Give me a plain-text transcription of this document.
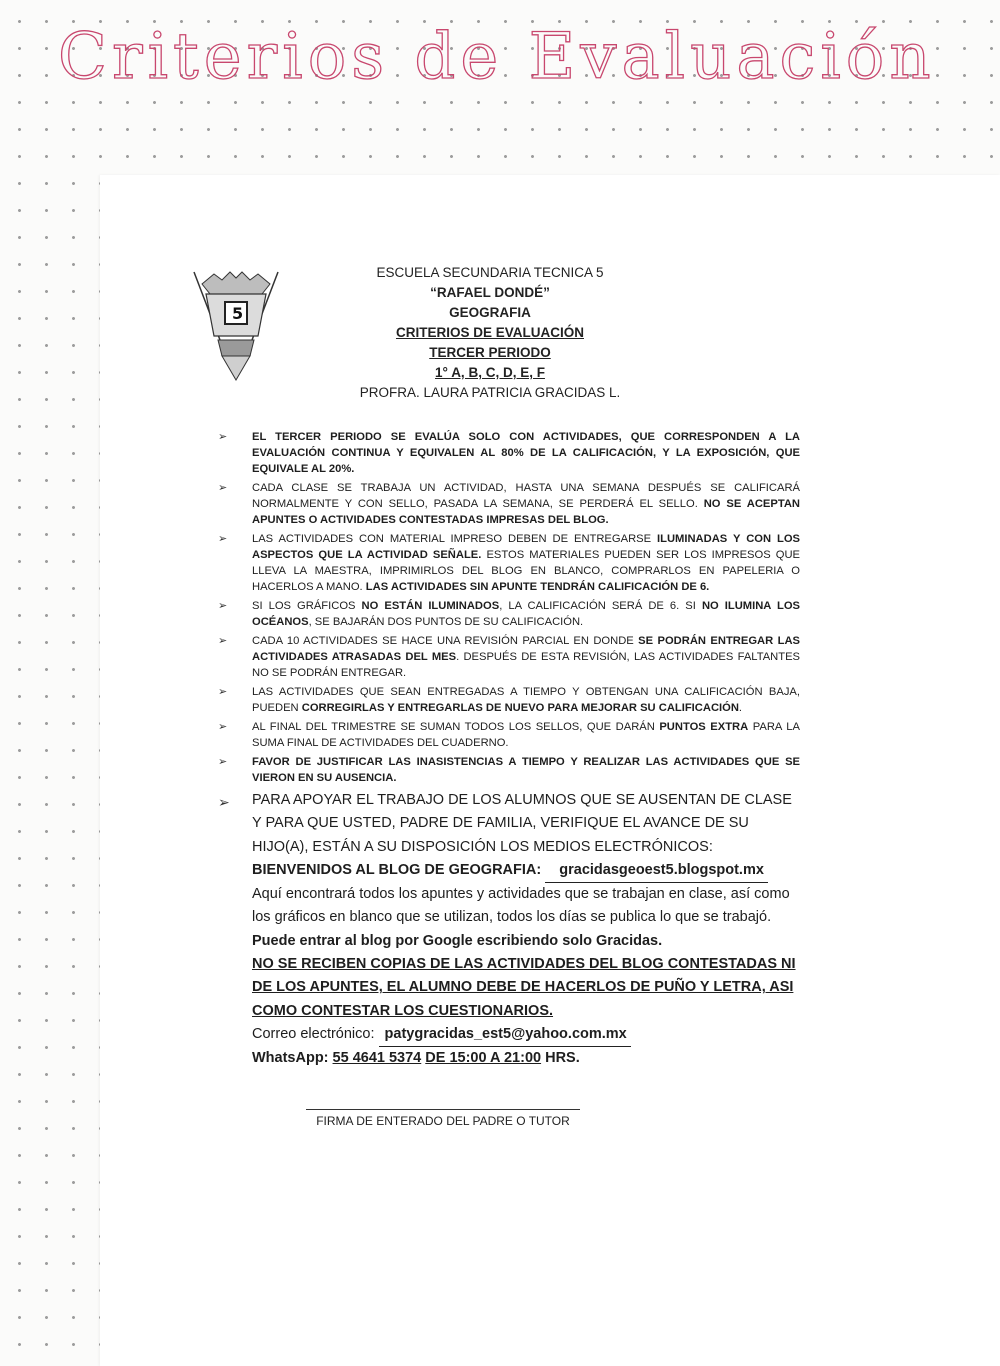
Criterios de Evaluación
5
ESCUELA SECUNDARIA TECNICA 5
“RAFAEL DONDÉ”
GEOGRAFIA
CRITERIOS DE EVALUACIÓN
TERCER PERIODO
1° A, B, C, D, E, F
PROFRA. LAURA PATRICIA GRACIDAS L.
➢ EL TERCER PERIODO SE EVALÚA SOLO CON ACTIVIDADES, QUE CORRESPONDEN A LA EVALUACIÓN CONTINUA Y EQUIVALEN AL 80% DE LA CALIFICACIÓN, Y LA EXPOSICIÓN, QUE EQUIVALE AL 20%.
➢ CADA CLASE SE TRABAJA UN ACTIVIDAD, HASTA UNA SEMANA DESPUÉS SE CALIFICARÁ NORMALMENTE Y CON SELLO, PASADA LA SEMANA, SE PERDERÁ EL SELLO. NO SE ACEPTAN APUNTES O ACTIVIDADES CONTESTADAS IMPRESAS DEL BLOG.
➢ LAS ACTIVIDADES CON MATERIAL IMPRESO DEBEN DE ENTREGARSE ILUMINADAS Y CON LOS ASPECTOS QUE LA ACTIVIDAD SEÑALE. ESTOS MATERIALES PUEDEN SER LOS IMPRESOS QUE LLEVA LA MAESTRA, IMPRIMIRLOS DEL BLOG EN BLANCO, COMPRARLOS EN PAPELERIA O HACERLOS A MANO. LAS ACTIVIDADES SIN APUNTE TENDRÁN CALIFICACIÓN DE 6.
➢ SI LOS GRÁFICOS NO ESTÁN ILUMINADOS, LA CALIFICACIÓN SERÁ DE 6. SI NO ILUMINA LOS OCÉANOS, SE BAJARÁN DOS PUNTOS DE SU CALIFICACIÓN.
➢ CADA 10 ACTIVIDADES SE HACE UNA REVISIÓN PARCIAL EN DONDE SE PODRÁN ENTREGAR LAS ACTIVIDADES ATRASADAS DEL MES. DESPUÉS DE ESTA REVISIÓN, LAS ACTIVIDADES FALTANTES NO SE PODRÁN ENTREGAR.
➢ LAS ACTIVIDADES QUE SEAN ENTREGADAS A TIEMPO Y OBTENGAN UNA CALIFICACIÓN BAJA, PUEDEN CORREGIRLAS Y ENTREGARLAS DE NUEVO PARA MEJORAR SU CALIFICACIÓN.
➢ AL FINAL DEL TRIMESTRE SE SUMAN TODOS LOS SELLOS, QUE DARÁN PUNTOS EXTRA PARA LA SUMA FINAL DE ACTIVIDADES DEL CUADERNO.
➢ FAVOR DE JUSTIFICAR LAS INASISTENCIAS A TIEMPO Y REALIZAR LAS ACTIVIDADES QUE SE VIERON EN SU AUSENCIA.
➢ PARA APOYAR EL TRABAJO DE LOS ALUMNOS QUE SE AUSENTAN DE CLASE Y PARA QUE USTED, PADRE DE FAMILIA, VERIFIQUE EL AVANCE DE SU HIJO(A), ESTÁN A SU DISPOSICIÓN LOS MEDIOS ELECTRÓNICOS:
BIENVENIDOS AL BLOG DE GEOGRAFIA: gracidasgeoest5.blogspot.mx
Aquí encontrará todos los apuntes y actividades que se trabajan en clase, así como los gráficos en blanco que se utilizan, todos los días se publica lo que se trabajó. Puede entrar al blog por Google escribiendo solo Gracidas.
NO SE RECIBEN COPIAS DE LAS ACTIVIDADES DEL BLOG CONTESTADAS NI DE LOS APUNTES, EL ALUMNO DEBE DE HACERLOS DE PUÑO Y LETRA, ASI COMO CONTESTAR LOS CUESTIONARIOS.
Correo electrónico: patygracidas_est5@yahoo.com.mx
WhatsApp: 55 4641 5374 DE 15:00 A 21:00 HRS.
FIRMA DE ENTERADO DEL PADRE O TUTOR
